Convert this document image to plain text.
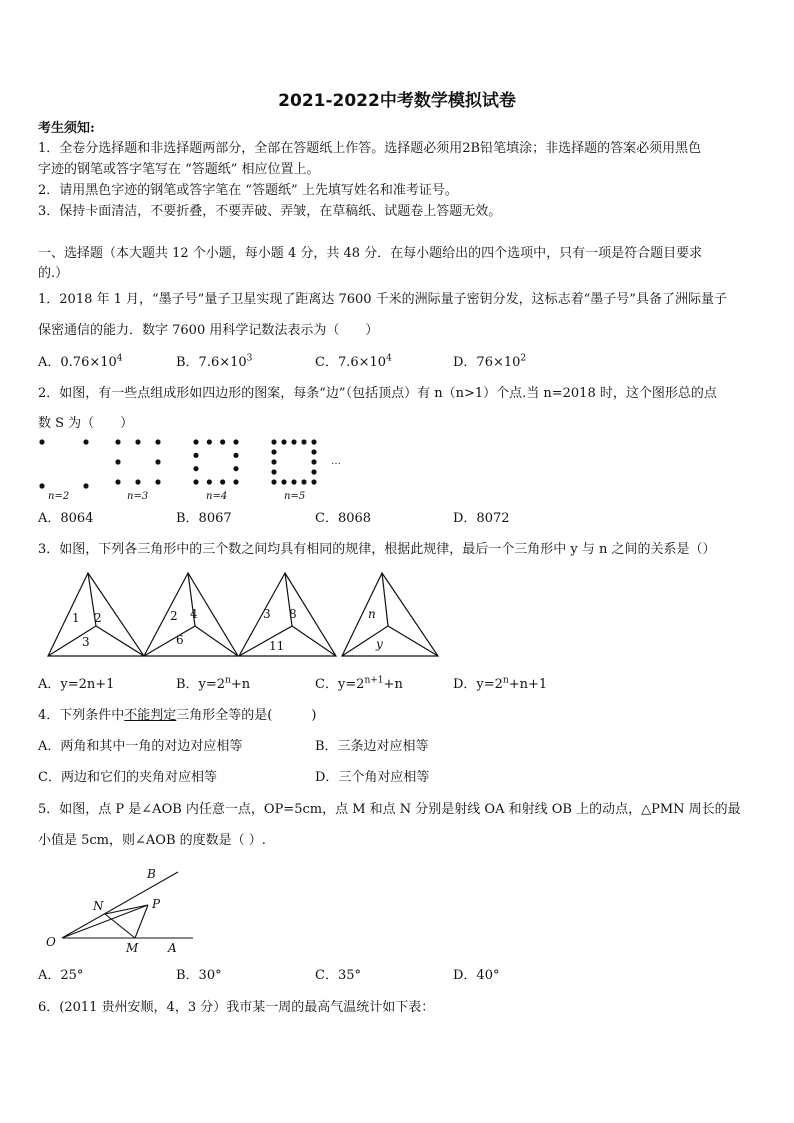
2021-2022中考数学模拟试卷
考生须知:
1．全卷分选择题和非选择题两部分，全部在答题纸上作答。选择题必须用2B铅笔填涂；非选择题的答案必须用黑色
字迹的钢笔或答字笔写在 “答题纸” 相应位置上。
2．请用黑色字迹的钢笔或答字笔在 “答题纸” 上先填写姓名和准考证号。
3．保持卡面清洁，不要折叠，不要弄破、弄皱，在草稿纸、试题卷上答题无效。
一、选择题（本大题共 12 个小题，每小题 4 分，共 48 分．在每小题给出的四个选项中，只有一项是符合题目要求
的.）
1．2018 年 1 月，“墨子号”量子卫星实现了距离达 7600 千米的洲际量子密钥分发，这标志着“墨子号”具备了洲际量子
保密通信的能力．数字 7600 用科学记数法表示为（　　）
A．$0.76\times 10^4$	B．$7.6\times 10^3$	C．$7.6\times 10^4$	D．$76\times 10^2$
2．如图，有一些点组成形如四边形的图案，每条“边”（包括顶点）有 n（n>1）个点.当 n=2018 时，这个图形总的点
数 S 为（　　）
n=2	n=3	n=4	n=5
…
A．8064	B．8067	C．8068	D．8072
3．如图，下列各三角形中的三个数之间均具有相同的规律，根据此规律，最后一个三角形中 y 与 n 之间的关系是（）
1 2
3
2 4
6
3 8
11
n
y
A．y=2n+1	B．$y=2^n+n$	C．$y=2^{n+1}+n$	D．$y=2^n+n+1$
4．下列条件中不能判定三角形全等的是(　　　)
A．两角和其中一角的对边对应相等	B．三条边对应相等
C．两边和它们的夹角对应相等	D．三个角对应相等
5．如图，点 P 是∠AOB 内任意一点，OP=5cm，点 M 和点 N 分别是射线 OA 和射线 OB 上的动点，△PMN 周长的最
小值是 5cm，则∠AOB 的度数是（ ）.
B
N	P
O	M A
A．25°	B．30°	C．35°	D．40°
6．(2011 贵州安顺，4，3 分）我市某一周的最高气温统计如下表：
